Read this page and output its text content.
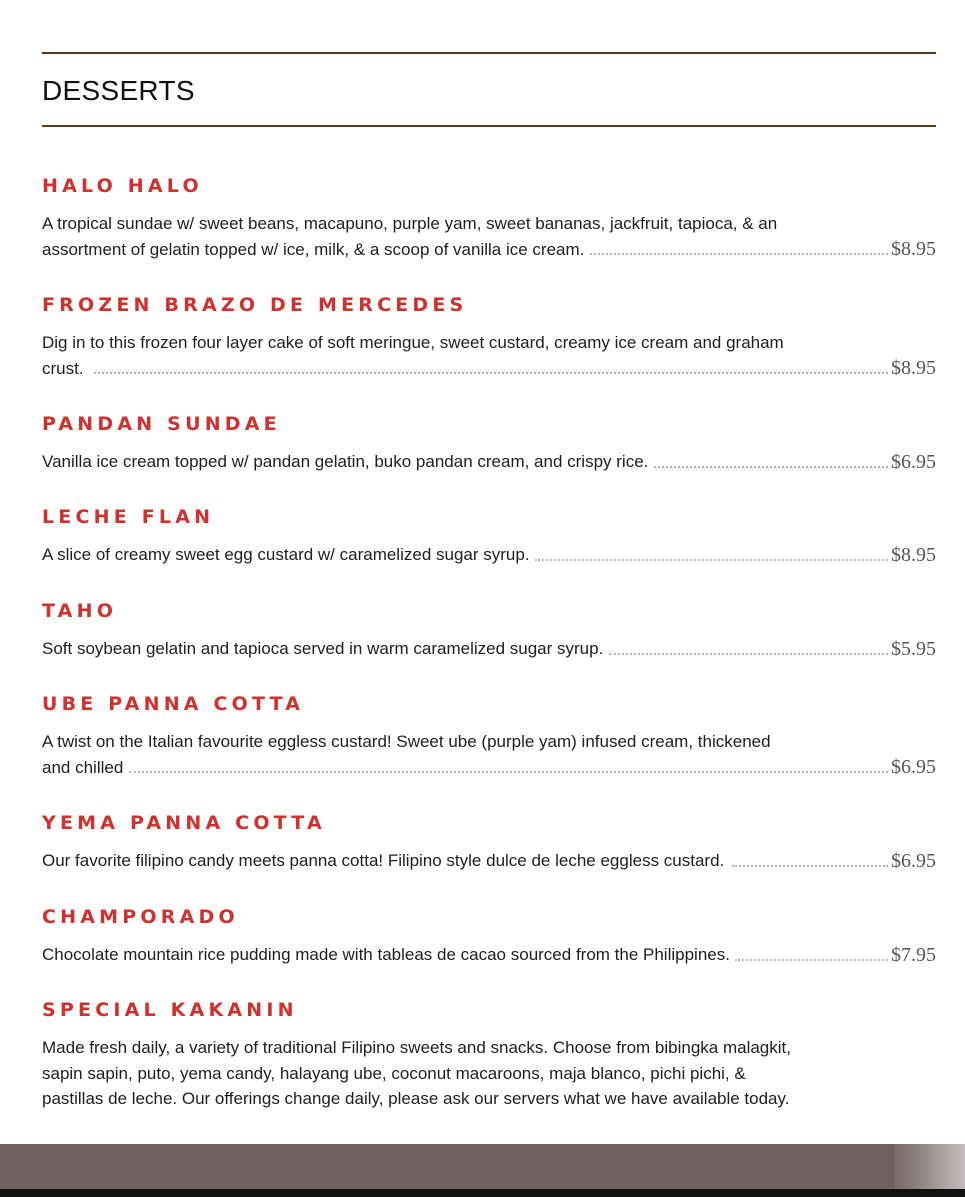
DESSERTS
HALO HALO
A tropical sundae w/ sweet beans, macapuno, purple yam, sweet bananas, jackfruit, tapioca, & an assortment of gelatin topped w/ ice, milk, & a scoop of vanilla ice cream.	$8.95
FROZEN BRAZO DE MERCEDES
Dig in to this frozen four layer cake of soft meringue, sweet custard, creamy ice cream and graham crust.	$8.95
PANDAN SUNDAE
Vanilla ice cream topped w/ pandan gelatin, buko pandan cream, and crispy rice.	$6.95
LECHE FLAN
A slice of creamy sweet egg custard w/ caramelized sugar syrup.	$8.95
TAHO
Soft soybean gelatin and tapioca served in warm caramelized sugar syrup.	$5.95
UBE PANNA COTTA
A twist on the Italian favourite eggless custard! Sweet ube (purple yam) infused cream, thickened and chilled	$6.95
YEMA PANNA COTTA
Our favorite filipino candy meets panna cotta! Filipino style dulce de leche eggless custard.	$6.95
CHAMPORADO
Chocolate mountain rice pudding made with tableas de cacao sourced from the Philippines.	$7.95
SPECIAL KAKANIN
Made fresh daily, a variety of traditional Filipino sweets and snacks. Choose from bibingka malagkit, sapin sapin, puto, yema candy, halayang ube, coconut macaroons, maja blanco, pichi pichi, & pastillas de leche. Our offerings change daily, please ask our servers what we have available today.
